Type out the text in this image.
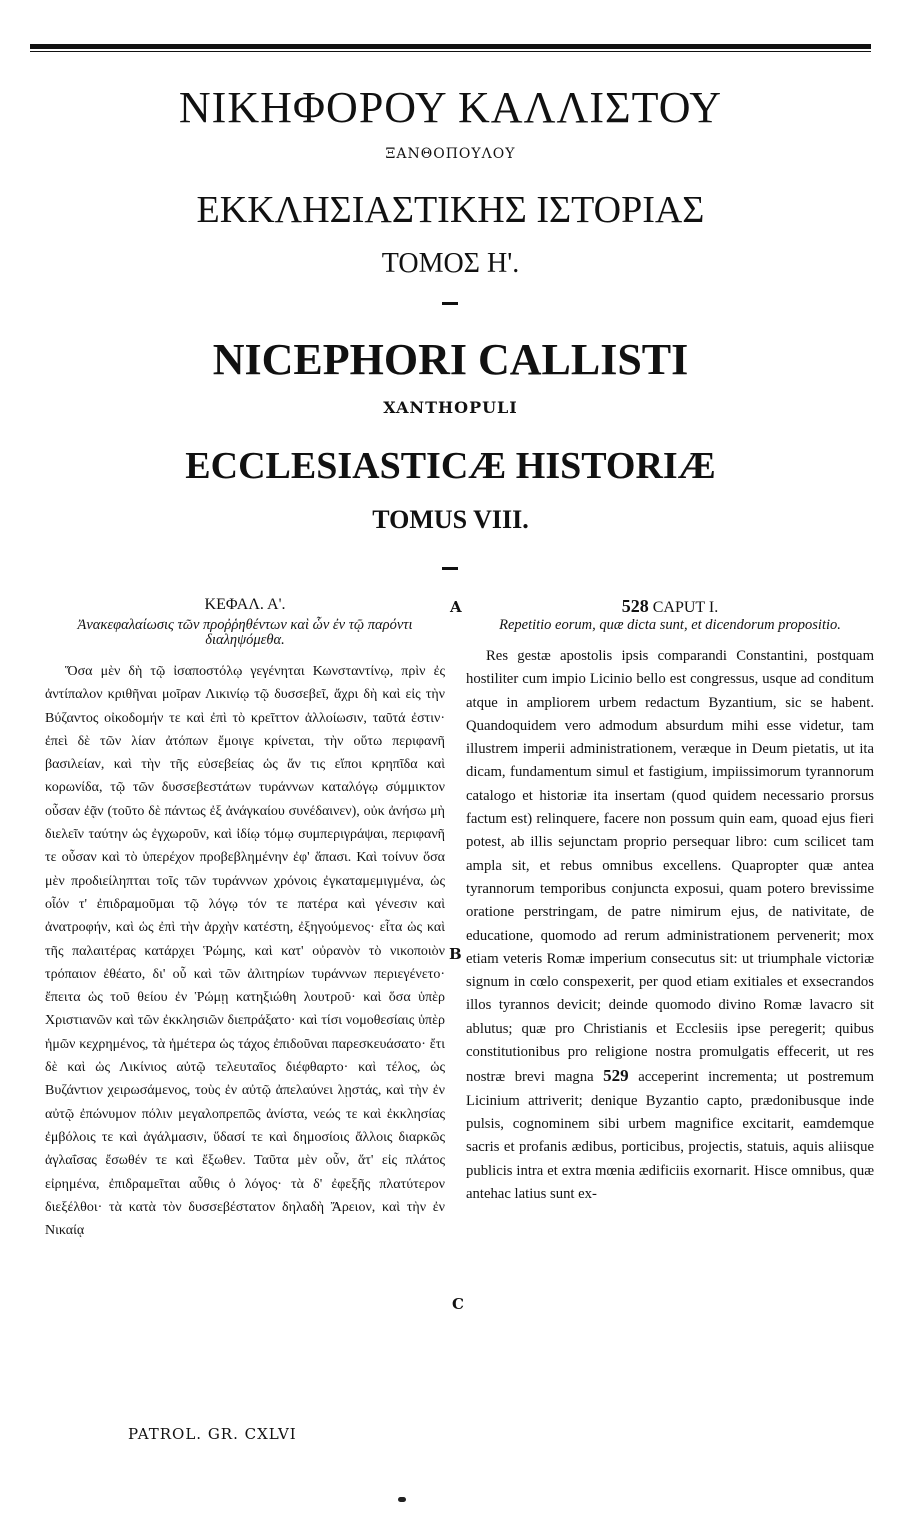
ΝΙΚΗΦΟΡΟΥ ΚΑΛΛΙΣΤΟΥ
ΞΑΝΘΟΠΟΥΛΟΥ
ΕΚΚΛΗΣΙΑΣΤΙΚΗΣ ΙΣΤΟΡΙΑΣ
ΤΟΜΟΣ Η'.
NICEPHORI CALLISTI
XANTHOPULI
ECCLESIASTICÆ HISTORIÆ
TOMUS VIII.
ΚΕΦΑΛ. Α'.
Ἀνακεφαλαίωσις τῶν προῤῥηθέντων καὶ ὧν ἐν τῷ παρόντι διαληψόμεθα.

Ὅσα μὲν δὴ τῷ ἰσαποστόλῳ γεγένηται Κωνσταντίνῳ, πρὶν ἐς ἀντίπαλον κριθῆναι μοῖραν Λικινίῳ τῷ δυσσεβεῖ, ἄχρι δὴ καὶ εἰς τὴν Βύζαντος οἰκοδομήν τε καὶ ἐπὶ τὸ κρεῖττον ἀλλοίωσιν, ταῦτά ἐστιν· ἐπεὶ δὲ τῶν λίαν ἀτόπων ἔμοιγε κρίνεται, τὴν οὕτω περιφανῆ βασιλείαν, καὶ τὴν τῆς εὐσεβείας ὡς ἄν τις εἴποι κρηπῖδα καὶ κορωνίδα, τῷ τῶν δυσσεβεστάτων τυράννων καταλόγῳ σύμμικτον οὖσαν ἐᾷν (τοῦτο δὲ πάντως ἐξ ἀνάγκαίου συνέδαινεν), οὐκ ἀνήσω μὴ διελεῖν ταύτην ὡς ἐγχωροῦν, καὶ ἰδίῳ τόμῳ συμπεριγράψαι, περιφανῆ τε οὖσαν καὶ τὸ ὑπερέχον προβεβλημένην ἐφ' ἅπασι. Καὶ τοίνυν ὅσα μὲν προδιείληπται τοῖς τῶν τυράννων χρόνοις ἐγκαταμεμιγμένα, ὡς οἷόν τ' ἐπιδραμοῦμαι τῷ λόγῳ τόν τε πατέρα καὶ γένεσιν καὶ ἀνατροφήν, καὶ ὡς ἐπὶ τὴν ἀρχὴν κατέστη, ἐξηγούμενος· εἶτα ὡς καὶ τῆς παλαιτέρας κατάρχει Ῥώμης, καὶ κατ' οὐρανὸν τὸ νικοποιὸν τρόπαιον ἐθέατο, δι' οὗ καὶ τῶν ἀλιτηρίων τυράννων περιεγένετο· ἔπειτα ὡς τοῦ θείου ἐν Ῥώμῃ κατηξιώθη λουτροῦ· καὶ ὅσα ὑπὲρ Χριστιανῶν καὶ τῶν ἐκκλησιῶν διεπράξατο· καὶ τίσι νομοθεσίαις ὑπὲρ ἡμῶν κεχρημένος, τὰ ἡμέτερα ὡς τάχος ἐπιδοῦναι παρεσκευάσατο· ἔτι δὲ καὶ ὡς Λικίνιος αὐτῷ τελευταῖος διέφθαρτο· καὶ τέλος, ὡς Βυζάντιον χειρωσάμενος, τοὺς ἐν αὐτῷ ἀπελαύνει λῃστάς, καὶ τὴν ἐν αὐτῷ ἐπώνυμον πόλιν μεγαλοπρεπῶς ἀνίστα, νεώς τε καὶ ἐκκλησίας ἐμβόλοις τε καὶ ἀγάλμασιν, ὕδασί τε καὶ δημοσίοις ἄλλοις διαρκῶς ἀγλαΐσας ἔσωθέν τε καὶ ἔξωθεν. Ταῦτα μὲν οὖν, ἅτ' εἰς πλάτος εἰρημένα, ἐπιδραμεῖται αὖθις ὁ λόγος· τὰ δ' ἐφεξῆς πλατύτερον διεξέλθοι· τὰ κατὰ τὸν δυσσεβέστατον δηλαδὴ Ἄρειον, καὶ τὴν ἐν Νικαίᾳ

A
B
C
528 CAPUT I.
Repetitio eorum, quæ dicta sunt, et dicendorum propositio.

Res gestæ apostolis ipsis comparandi Constantini, postquam hostiliter cum impio Licinio bello est congressus, usque ad conditum atque in ampliorem urbem redactum Byzantium, sic se habent. Quandoquidem vero admodum absurdum mihi esse videtur, tam illustrem imperii administrationem, veræque in Deum pietatis, ut ita dicam, fundamentum simul et fastigium, impiissimorum tyrannorum catalogo et historiæ ita insertam (quod quidem necessario prorsus factum est) relinquere, facere non possum quin eam, quoad ejus fieri potest, ab illis sejunctam proprio persequar libro: cum scilicet tam ampla sit, et rebus omnibus excellens. Quapropter quæ antea tyrannorum temporibus conjuncta exposui, quam potero brevissime oratione perstringam, de patre nimirum ejus, de nativitate, de educatione, quomodo ad rerum administrationem pervenerit; mox etiam veteris Romæ imperium consecutus sit: ut triumphale victoriæ signum in cœlo conspexerit, per quod etiam exitiales et exsecrandos illos tyrannos devicit; deinde quomodo divino Romæ lavacro sit ablutus; quæ pro Christianis et Ecclesiis ipse peregerit; quibus constitutionibus pro religione nostra promulgatis effecerit, ut res nostræ brevi magna 529 acceperint incrementa; ut postremum Licinium attriverit; denique Byzantio capto, prædonibusque inde pulsis, cognominem sibi urbem magnifice excitarit, eamdemque sacris et profanis ædibus, porticibus, projectis, statuis, aquis aliisque publicis intra et extra mœnia ædificiis exornarit. Hisce omnibus, quæ antehac latius sunt ex-

PATROL. GR. CXLVI
